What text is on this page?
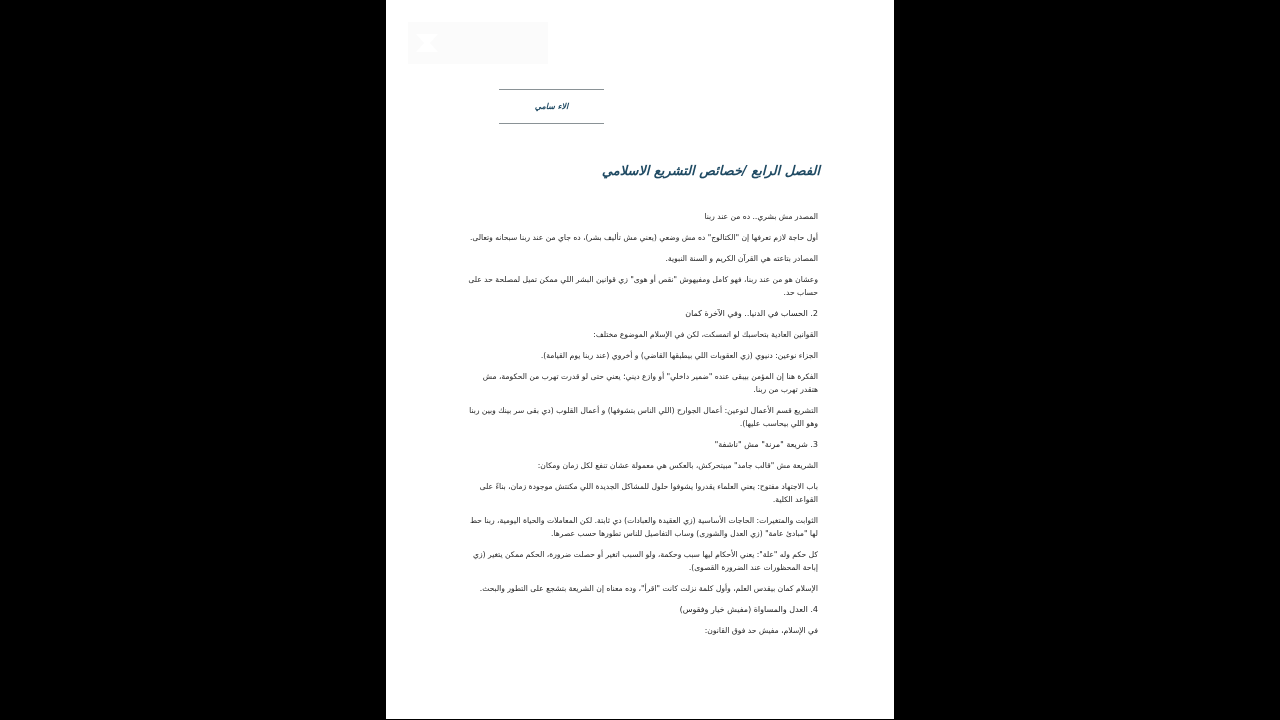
الاء سامي
الفصل الرابع /خصائص التشريع الاسلامي

المصدر مش بشري.. ده من عند ربنا

أول حاجة لازم تعرفها إن "الكتالوج" ده مش وضعي (يعني مش تأليف بشر)، ده جاي من عند ربنا سبحانه وتعالى.

المصادر بتاعته هي القرآن الكريم و السنة النبوية.

وعشان هو من عند ربنا، فهو كامل ومفيهوش "نقص أو هوى" زي قوانين البشر اللي ممكن تميل لمصلحة حد على حساب حد.

2. الحساب في الدنيا.. وفي الآخرة كمان

القوانين العادية بتحاسبك لو اتمسكت، لكن في الإسلام الموضوع مختلف:

الجزاء نوعين: دنيوي (زي العقوبات اللي بيطبقها القاضي) و أخروي (عند ربنا يوم القيامة).

الفكرة هنا إن المؤمن بيبقى عنده "ضمير داخلي" أو وازع ديني؛ يعني حتى لو قدرت تهرب من الحكومة، مش هتقدر تهرب من ربنا.

التشريع قسم الأعمال لنوعين: أعمال الجوارح (اللي الناس بتشوفها) و أعمال القلوب (دي بقى سر بينك وبين ربنا وهو اللي بيحاسب عليها).

3. شريعة "مرنة" مش "ناشفة"

الشريعة مش "قالب جامد" مبيتحركش، بالعكس هي معمولة عشان تنفع لكل زمان ومكان:

باب الاجتهاد مفتوح: يعني العلماء يقدروا يشوفوا حلول للمشاكل الجديدة اللي مكنتش موجودة زمان، بناءً على القواعد الكلية.

الثوابت والمتغيرات: الحاجات الأساسية (زي العقيدة والعبادات) دي ثابتة. لكن المعاملات والحياة اليومية، ربنا حط لها "مبادئ عامة" (زي العدل والشورى) وساب التفاصيل للناس تطورها حسب عصرها.

كل حكم وله "علة": يعني الأحكام ليها سبب وحكمة، ولو السبب اتغير أو حصلت ضرورة، الحكم ممكن يتغير (زي إباحة المحظورات عند الضرورة القصوى).

الإسلام كمان بيقدس العلم، وأول كلمة نزلت كانت "اقرأ"، وده معناه إن الشريعة بتشجع على التطور والبحث.

4. العدل والمساواة (مفيش خيار وفقوس)

في الإسلام، مفيش حد فوق القانون:
